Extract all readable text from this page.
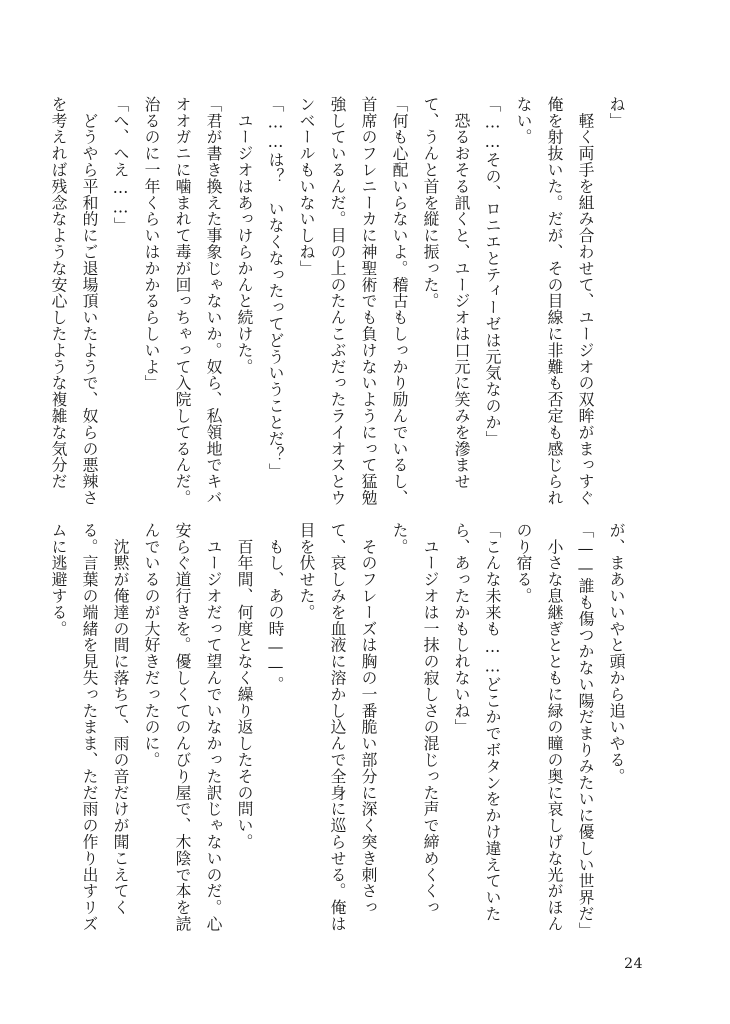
ね」
　軽く両手を組み合わせて、ユージオの双眸がまっすぐ
俺を射抜いた。だが、その目線に非難も否定も感じられ
ない。
「……その、ロニエとティーゼは元気なのか」
　恐るおそる訊くと、ユージオは口元に笑みを滲ませ
て、うんと首を縦に振った。
「何も心配いらないよ。稽古もしっかり励んでいるし、
首席のフレニーカに神聖術でも負けないようにって猛勉
強しているんだ。目の上のたんこぶだったライオスとウ
ンベールもいないしね」
「……は？　いなくなったってどういうことだ？」
　ユージオはあっけらかんと続けた。
「君が書き換えた事象じゃないか。奴ら、私領地でキバ
オオガニに噛まれて毒が回っちゃって入院してるんだ。
治るのに一年くらいはかかるらしいよ」
「へ、へえ……」
　どうやら平和的にご退場頂いたようで、奴らの悪辣さ
を考えれば残念なような安心したような複雑な気分だ
が、まあいいやと頭から追いやる。
「——誰も傷つかない陽だまりみたいに優しい世界だ」
　小さな息継ぎとともに緑の瞳の奥に哀しげな光がほん
のり宿る。
「こんな未来も……どこかでボタンをかけ違えていた
ら、あったかもしれないね」
　ユージオは一抹の寂しさの混じった声で締めくくっ
た。
　そのフレーズは胸の一番脆い部分に深く突き刺さっ
て、哀しみを血液に溶かし込んで全身に巡らせる。俺は
目を伏せた。
　もし、あの時——。
　百年間、何度となく繰り返したその問い。
　ユージオだって望んでいなかった訳じゃないのだ。心
安らぐ道行きを。優しくてのんびり屋で、木陰で本を読
んでいるのが大好きだったのに。
　沈黙が俺達の間に落ちて、雨の音だけが聞こえてく
る。言葉の端緒を見失ったまま、ただ雨の作り出すリズ
ムに逃避する。
24
